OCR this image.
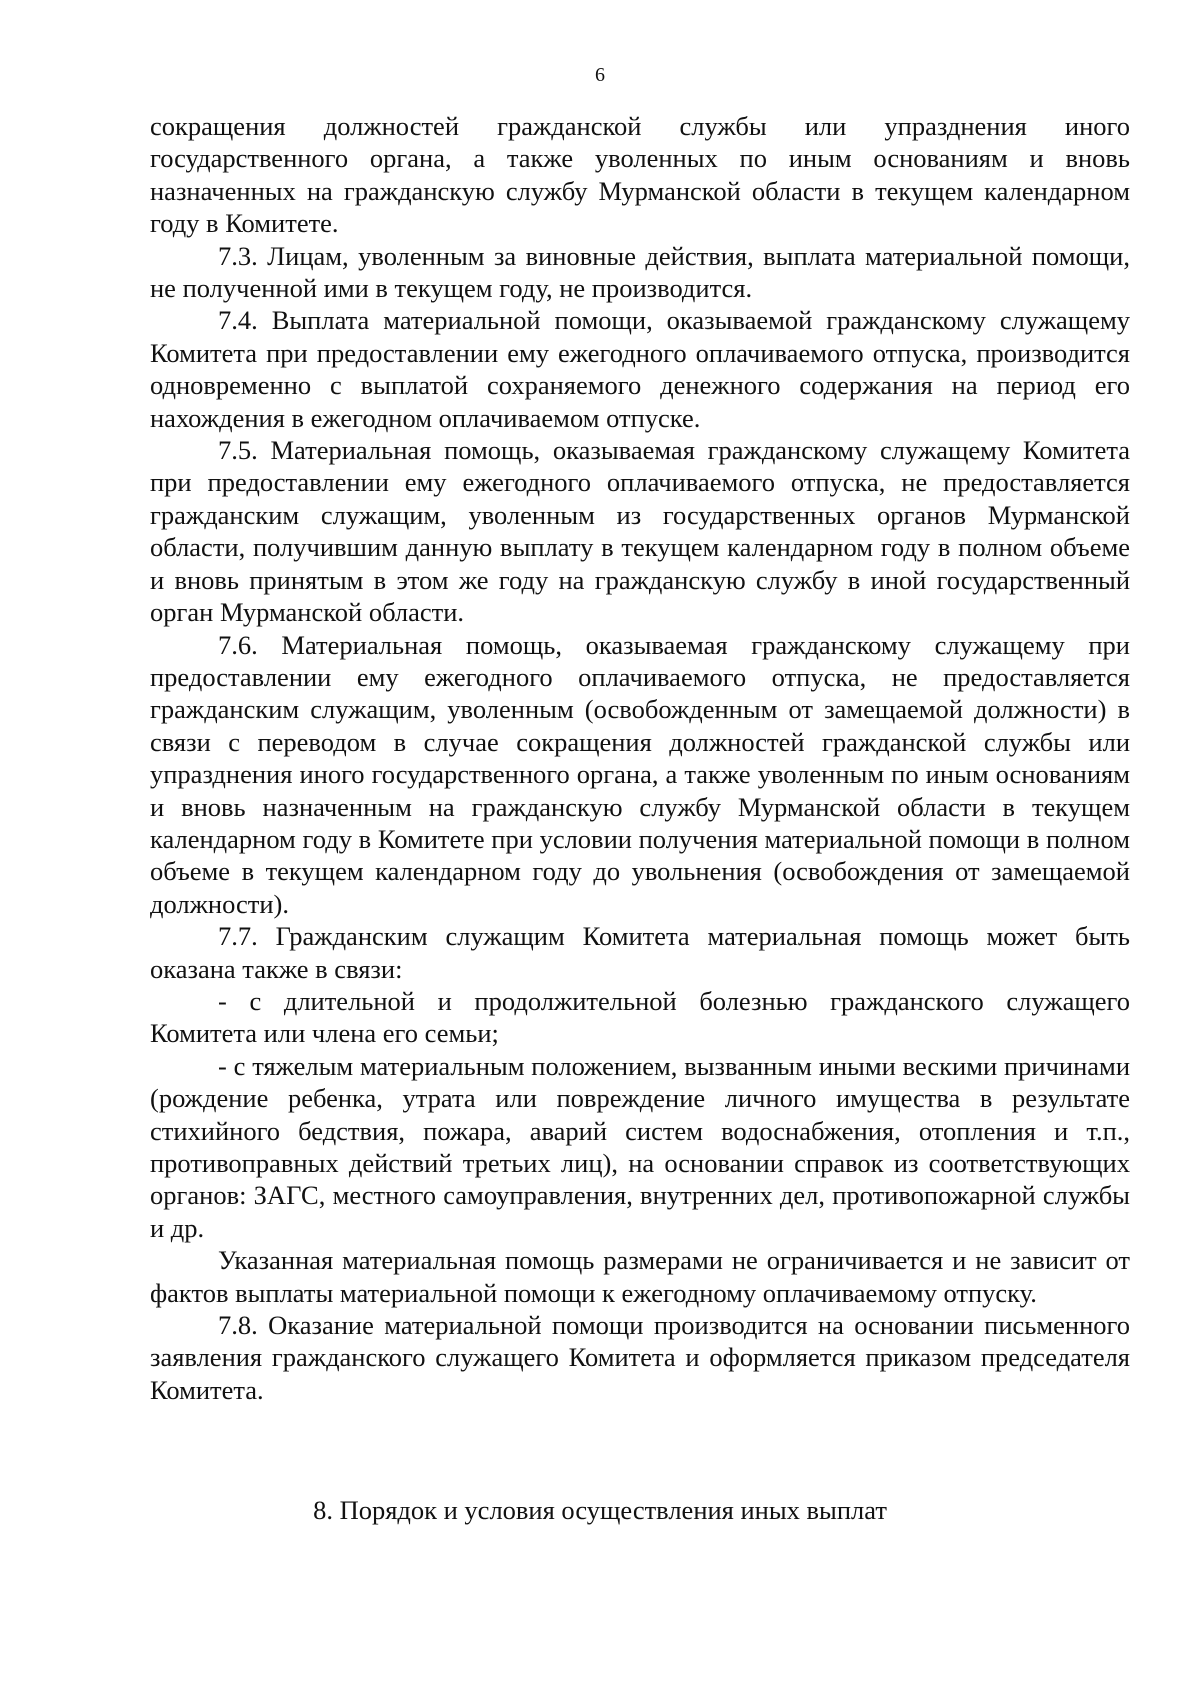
6

сокращения должностей гражданской службы или упразднения иного государственного органа, а также уволенных по иным основаниям и вновь назначенных на гражданскую службу Мурманской области в текущем календарном году в Комитете.

7.3. Лицам, уволенным за виновные действия, выплата материальной помощи, не полученной ими в текущем году, не производится.

7.4. Выплата материальной помощи, оказываемой гражданскому служащему Комитета при предоставлении ему ежегодного оплачиваемого отпуска, производится одновременно с выплатой сохраняемого денежного содержания на период его нахождения в ежегодном оплачиваемом отпуске.

7.5. Материальная помощь, оказываемая гражданскому служащему Комитета при предоставлении ему ежегодного оплачиваемого отпуска, не предоставляется гражданским служащим, уволенным из государственных органов Мурманской области, получившим данную выплату в текущем календарном году в полном объеме и вновь принятым в этом же году на гражданскую службу в иной государственный орган Мурманской области.

7.6. Материальная помощь, оказываемая гражданскому служащему при предоставлении ему ежегодного оплачиваемого отпуска, не предоставляется гражданским служащим, уволенным (освобожденным от замещаемой должности) в связи с переводом в случае сокращения должностей гражданской службы или упразднения иного государственного органа, а также уволенным по иным основаниям и вновь назначенным на гражданскую службу Мурманской области в текущем календарном году в Комитете при условии получения материальной помощи в полном объеме в текущем календарном году до увольнения (освобождения от замещаемой должности).

7.7. Гражданским служащим Комитета материальная помощь может быть оказана также в связи:

- с длительной и продолжительной болезнью гражданского служащего Комитета или члена его семьи;

- с тяжелым материальным положением, вызванным иными вескими причинами (рождение ребенка, утрата или повреждение личного имущества в результате стихийного бедствия, пожара, аварий систем водоснабжения, отопления и т.п., противоправных действий третьих лиц), на основании справок из соответствующих органов: ЗАГС, местного самоуправления, внутренних дел, противопожарной службы и др.

Указанная материальная помощь размерами не ограничивается и не зависит от фактов выплаты материальной помощи к ежегодному оплачиваемому отпуску.

7.8. Оказание материальной помощи производится на основании письменного заявления гражданского служащего Комитета и оформляется приказом председателя Комитета.

8. Порядок и условия осуществления иных выплат
